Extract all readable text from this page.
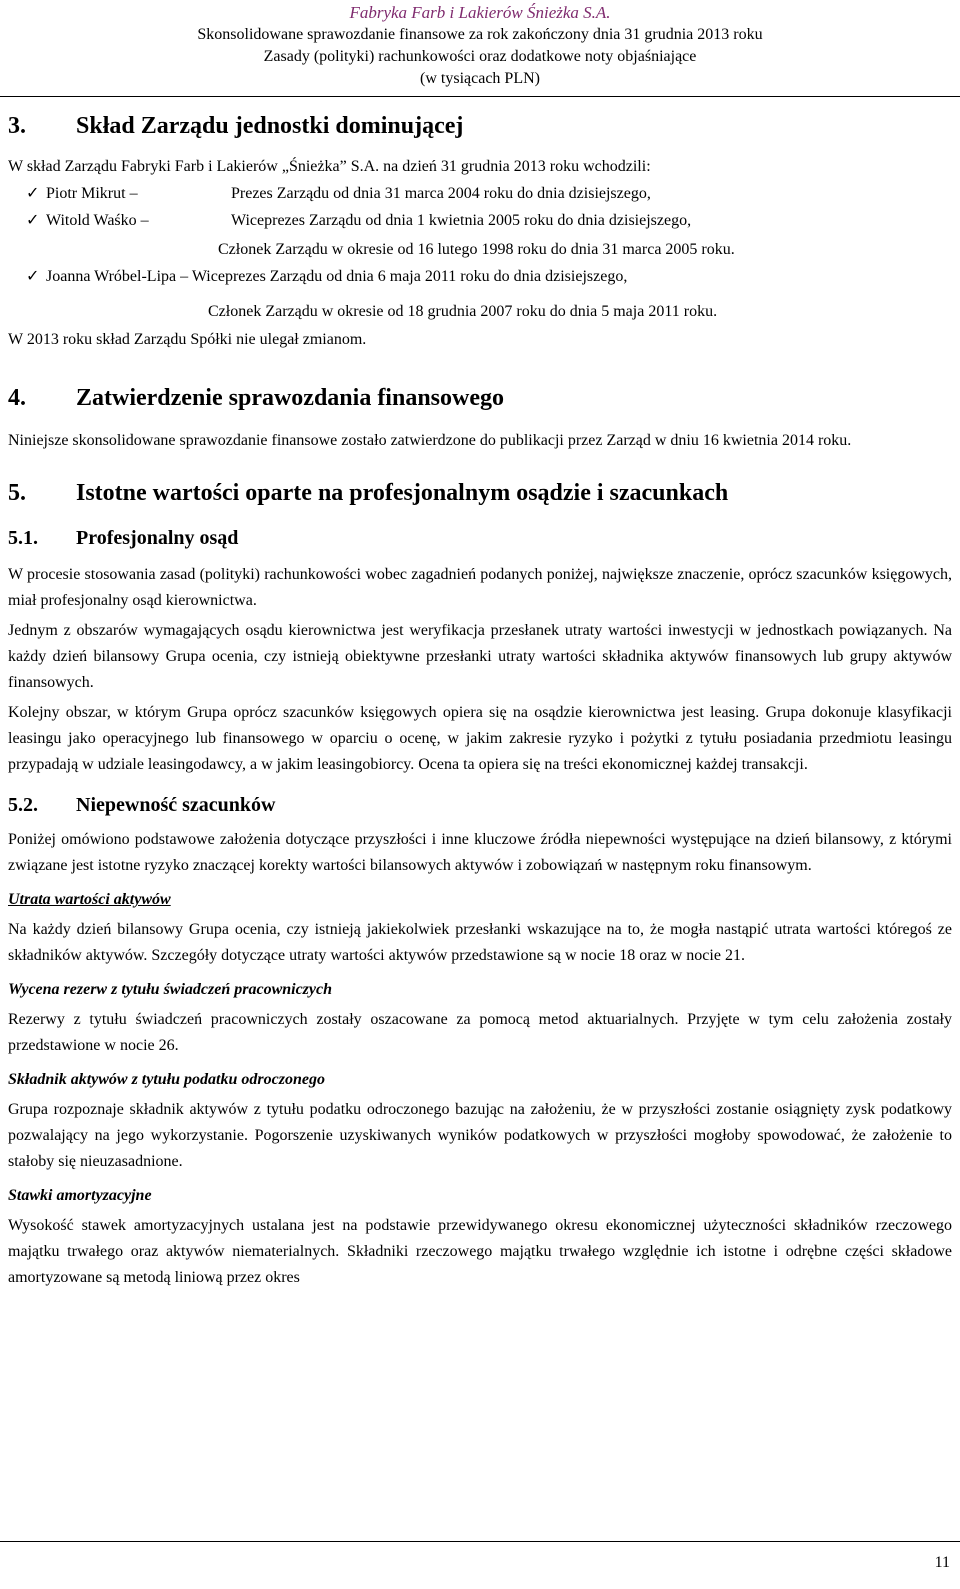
Fabryka Farb i Lakierów Śnieżka S.A.
Skonsolidowane sprawozdanie finansowe za rok zakończony dnia 31 grudnia 2013 roku
Zasady (polityki) rachunkowości oraz dodatkowe noty objaśniające
(w tysiącach PLN)
3.	Skład Zarządu jednostki dominującej

W skład Zarządu Fabryki Farb i Lakierów „Śnieżka” S.A. na dzień 31 grudnia 2013 roku wchodzili:

✓ Piotr Mikrut –	Prezes Zarządu od dnia 31 marca 2004 roku do dnia dzisiejszego,
✓ Witold Waśko –	Wiceprezes Zarządu od dnia 1 kwietnia 2005 roku do dnia dzisiejszego,
Członek Zarządu w okresie od 16 lutego 1998 roku do dnia 31 marca 2005 roku.
✓ Joanna Wróbel-Lipa – Wiceprezes Zarządu od dnia 6 maja 2011 roku do dnia dzisiejszego,
Członek Zarządu w okresie od 18 grudnia 2007 roku do dnia 5 maja 2011 roku.

W 2013 roku skład Zarządu Spółki nie ulegał zmianom.

4.	Zatwierdzenie sprawozdania finansowego

Niniejsze skonsolidowane sprawozdanie finansowe zostało zatwierdzone do publikacji przez Zarząd w dniu 16 kwietnia 2014 roku.

5.	Istotne wartości oparte na profesjonalnym osądzie i szacunkach
5.1.	Profesjonalny osąd

W procesie stosowania zasad (polityki) rachunkowości wobec zagadnień podanych poniżej, największe znaczenie, oprócz szacunków księgowych, miał profesjonalny osąd kierownictwa.

Jednym z obszarów wymagających osądu kierownictwa jest weryfikacja przesłanek utraty wartości inwestycji w jednostkach powiązanych. Na każdy dzień bilansowy Grupa ocenia, czy istnieją obiektywne przesłanki utraty wartości składnika aktywów finansowych lub grupy aktywów finansowych.

Kolejny obszar, w którym Grupa oprócz szacunków księgowych opiera się na osądzie kierownictwa jest leasing. Grupa dokonuje klasyfikacji leasingu jako operacyjnego lub finansowego w oparciu o ocenę, w jakim zakresie ryzyko i pożytki z tytułu posiadania przedmiotu leasingu przypadają w udziale leasingodawcy, a w jakim leasingobiorcy. Ocena ta opiera się na treści ekonomicznej każdej transakcji.

5.2.	Niepewność szacunków

Poniżej omówiono podstawowe założenia dotyczące przyszłości i inne kluczowe źródła niepewności występujące na dzień bilansowy, z którymi związane jest istotne ryzyko znaczącej korekty wartości bilansowych aktywów i zobowiązań w następnym roku finansowym.

Utrata wartości aktywów

Na każdy dzień bilansowy Grupa ocenia, czy istnieją jakiekolwiek przesłanki wskazujące na to, że mogła nastąpić utrata wartości któregoś ze składników aktywów. Szczegóły dotyczące utraty wartości aktywów przedstawione są w nocie 18 oraz w nocie 21.

Wycena rezerw z tytułu świadczeń pracowniczych

Rezerwy z tytułu świadczeń pracowniczych zostały oszacowane za pomocą metod aktuarialnych. Przyjęte w tym celu założenia zostały przedstawione w nocie 26.

Składnik aktywów z tytułu podatku odroczonego

Grupa rozpoznaje składnik aktywów z tytułu podatku odroczonego bazując na założeniu, że w przyszłości zostanie osiągnięty zysk podatkowy pozwalający na jego wykorzystanie. Pogorszenie uzyskiwanych wyników podatkowych w przyszłości mogłoby spowodować, że założenie to stałoby się nieuzasadnione.

Stawki amortyzacyjne

Wysokość stawek amortyzacyjnych ustalana jest na podstawie przewidywanego okresu ekonomicznej użyteczności składników rzeczowego majątku trwałego oraz aktywów niematerialnych. Składniki rzeczowego majątku trwałego względnie ich istotne i odrębne części składowe amortyzowane są metodą liniową przez okres

11
